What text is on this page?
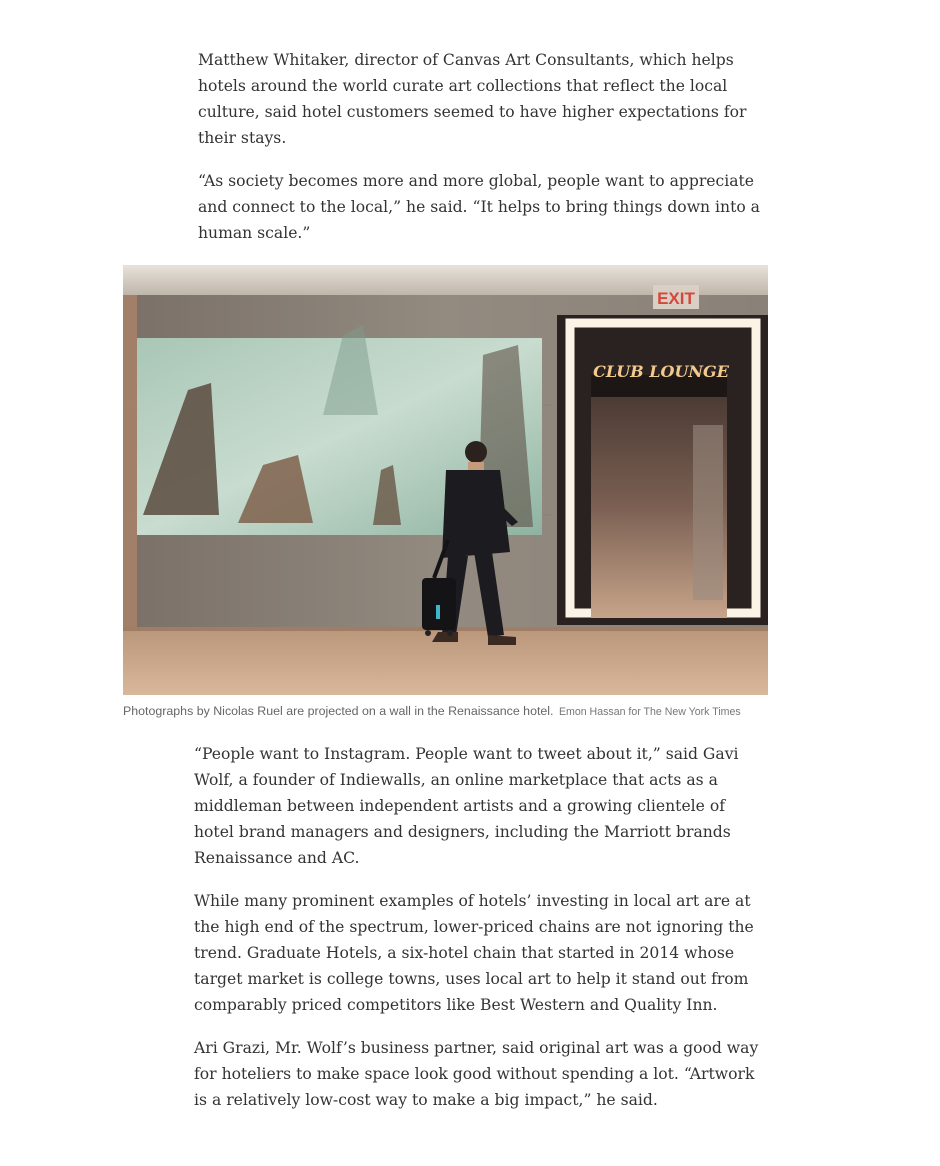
Matthew Whitaker, director of Canvas Art Consultants, which helps hotels around the world curate art collections that reflect the local culture, said hotel customers seemed to have higher expectations for their stays.

“As society becomes more and more global, people want to appreciate and connect to the local,” he said. “It helps to bring things down into a human scale.”

EXIT
CLUB LOUNGE
Photographs by Nicolas Ruel are projected on a wall in the Renaissance hotel. Emon Hassan for The New York Times

“People want to Instagram. People want to tweet about it,” said Gavi Wolf, a founder of Indiewalls, an online marketplace that acts as a middleman between independent artists and a growing clientele of hotel brand managers and designers, including the Marriott brands Renaissance and AC.

While many prominent examples of hotels’ investing in local art are at the high end of the spectrum, lower-priced chains are not ignoring the trend. Graduate Hotels, a six-hotel chain that started in 2014 whose target market is college towns, uses local art to help it stand out from comparably priced competitors like Best Western and Quality Inn.

Ari Grazi, Mr. Wolf’s business partner, said original art was a good way for hoteliers to make space look good without spending a lot. “Artwork is a relatively low-cost way to make a big impact,” he said.
